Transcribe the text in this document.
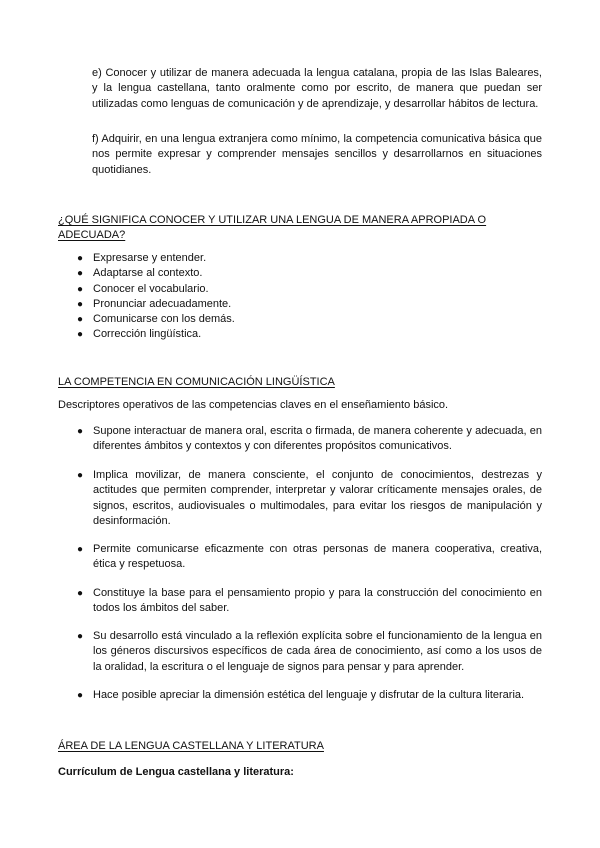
e) Conocer y utilizar de manera adecuada la lengua catalana, propia de las Islas Baleares, y la lengua castellana, tanto oralmente como por escrito, de manera que puedan ser utilizadas como lenguas de comunicación y de aprendizaje, y desarrollar hábitos de lectura.

f) Adquirir, en una lengua extranjera como mínimo, la competencia comunicativa básica que nos permite expresar y comprender mensajes sencillos y desarrollarnos en situaciones quotidianes.

¿QUÉ SIGNIFICA CONOCER Y UTILIZAR UNA LENGUA DE MANERA APROPIADA O ADECUADA?

● Expresarse y entender.
● Adaptarse al contexto.
● Conocer el vocabulario.
● Pronunciar adecuadamente.
● Comunicarse con los demás.
● Corrección lingüística.

LA COMPETENCIA EN COMUNICACIÓN LINGÜÍSTICA

Descriptores operativos de las competencias claves en el enseñamiento básico.

● Supone interactuar de manera oral, escrita o firmada, de manera coherente y adecuada, en diferentes ámbitos y contextos y con diferentes propósitos comunicativos.
● Implica movilizar, de manera consciente, el conjunto de conocimientos, destrezas y actitudes que permiten comprender, interpretar y valorar críticamente mensajes orales, de signos, escritos, audiovisuales o multimodales, para evitar los riesgos de manipulación y desinformación.
● Permite comunicarse eficazmente con otras personas de manera cooperativa, creativa, ética y respetuosa.
● Constituye la base para el pensamiento propio y para la construcción del conocimiento en todos los ámbitos del saber.
● Su desarrollo está vinculado a la reflexión explícita sobre el funcionamiento de la lengua en los géneros discursivos específicos de cada área de conocimiento, así como a los usos de la oralidad, la escritura o el lenguaje de signos para pensar y para aprender.
● Hace posible apreciar la dimensión estética del lenguaje y disfrutar de la cultura literaria.

ÁREA DE LA LENGUA CASTELLANA Y LITERATURA

Currículum de Lengua castellana y literatura:
